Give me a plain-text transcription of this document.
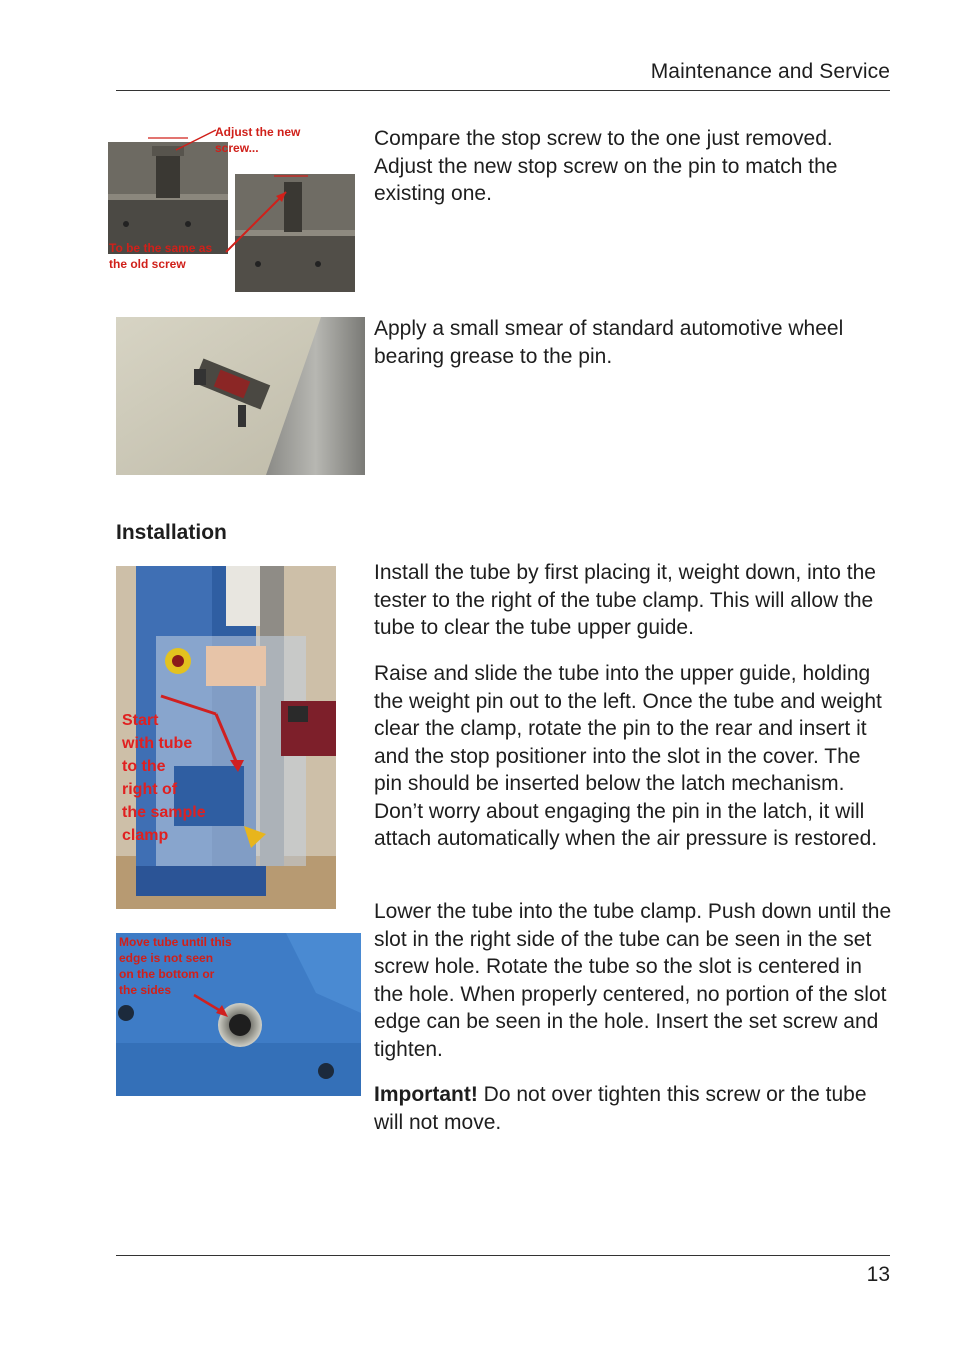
Maintenance and Service
Adjust the new
screw...
To be the same as
the old screw

Compare the stop screw to the one just removed. Adjust the new stop screw on the pin to match the existing one.

Apply a small smear of standard automotive wheel bearing grease to the pin.

Installation
Start
with tube
to the
right of
the sample
clamp
Move tube until this
edge is not seen
on the bottom or
the sides

Install the tube by first placing it, weight down, into the tester to the right of the tube clamp. This will allow the tube to clear the tube upper guide.

Raise and slide the tube into the upper guide, holding the weight pin out to the left. Once the tube and weight clear the clamp, rotate the pin to the rear and insert it and the stop positioner into the slot in the cover. The pin should be inserted below the latch mechanism. Don’t worry about engaging the pin in the latch, it will attach automatically when the air pressure is restored.

Lower the tube into the tube clamp. Push down until the slot in the right side of the tube can be seen in the set screw hole. Rotate the tube so the slot is centered in the hole. When properly centered, no portion of the slot edge can be seen in the hole. Insert the set screw and tighten.

Important! Do not over tighten this screw or the tube will not move.

13
